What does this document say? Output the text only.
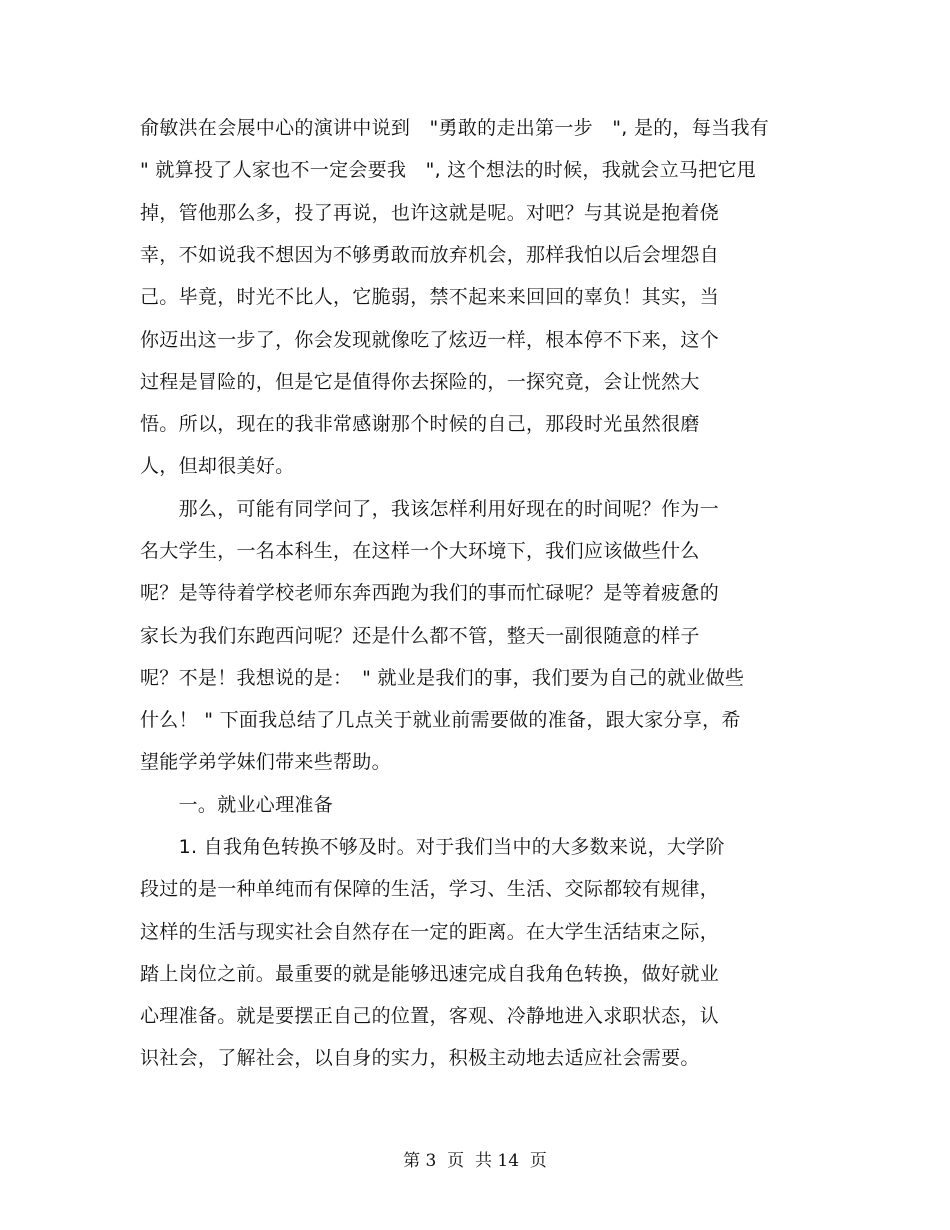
俞敏洪在会展中心的演讲中说到　"勇敢的走出第一步　", 是的，每当我有
" 就算投了人家也不一定会要我　", 这个想法的时候，我就会立马把它甩
掉，管他那么多，投了再说，也许这就是呢。对吧？与其说是抱着侥
幸，不如说我不想因为不够勇敢而放弃机会，那样我怕以后会埋怨自
己。毕竟，时光不比人，它脆弱，禁不起来来回回的辜负！其实，当
你迈出这一步了，你会发现就像吃了炫迈一样，根本停不下来，这个
过程是冒险的，但是它是值得你去探险的，一探究竟，会让恍然大
悟。所以，现在的我非常感谢那个时候的自己，那段时光虽然很磨
人，但却很美好。
　　那么，可能有同学问了，我该怎样利用好现在的时间呢？作为一
名大学生，一名本科生，在这样一个大环境下，我们应该做些什么
呢？是等待着学校老师东奔西跑为我们的事而忙碌呢？是等着疲惫的
家长为我们东跑西问呢？还是什么都不管，整天一副很随意的样子
呢？不是！我想说的是：　" 就业是我们的事，我们要为自己的就业做些
什么！ " 下面我总结了几点关于就业前需要做的准备，跟大家分享，希
望能学弟学妹们带来些帮助。
　　一。就业心理准备
　　1. 自我角色转换不够及时。对于我们当中的大多数来说，大学阶
段过的是一种单纯而有保障的生活，学习、生活、交际都较有规律，
这样的生活与现实社会自然存在一定的距离。在大学生活结束之际，
踏上岗位之前。最重要的就是能够迅速完成自我角色转换，做好就业
心理准备。就是要摆正自己的位置，客观、冷静地进入求职状态，认
识社会，了解社会，以自身的实力，积极主动地去适应社会需要。
第 3  页  共 14  页
